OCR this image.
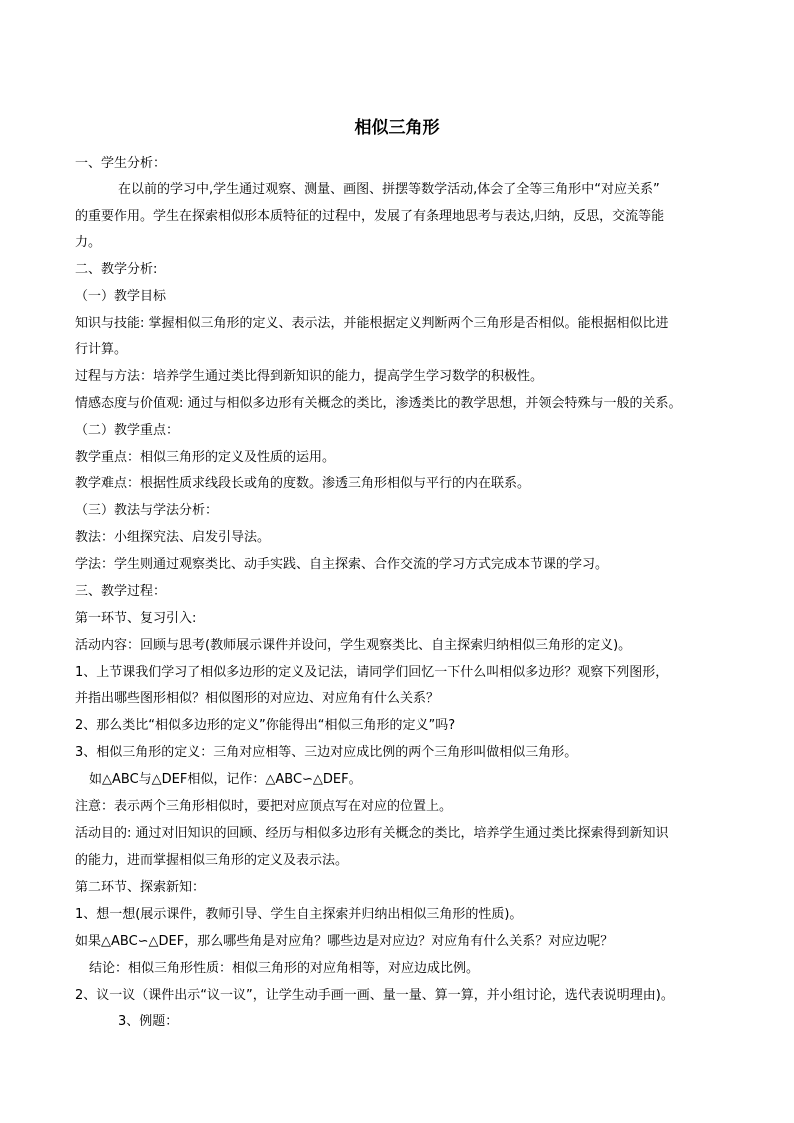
相似三角形
一、学生分析：
在以前的学习中,学生通过观察、测量、画图、拼摆等数学活动,体会了全等三角形中“对应关系”
的重要作用。学生在探索相似形本质特征的过程中，发展了有条理地思考与表达,归纳，反思，交流等能
力。
二、教学分析:
（一）教学目标
知识与技能: 掌握相似三角形的定义、表示法，并能根据定义判断两个三角形是否相似。能根据相似比进
行计算。
过程与方法：培养学生通过类比得到新知识的能力，提高学生学习数学的积极性。
情感态度与价值观: 通过与相似多边形有关概念的类比，渗透类比的教学思想，并领会特殊与一般的关系。
（二）教学重点：
教学重点：相似三角形的定义及性质的运用。
教学难点：根据性质求线段长或角的度数。渗透三角形相似与平行的内在联系。
（三）教法与学法分析：
教法：小组探究法、启发引导法。
学法：学生则通过观察类比、动手实践、自主探索、合作交流的学习方式完成本节课的学习。
三、教学过程：
第一环节、复习引入:
活动内容：回顾与思考(教师展示课件并设问，学生观察类比、自主探索归纳相似三角形的定义)。
1、上节课我们学习了相似多边形的定义及记法，请同学们回忆一下什么叫相似多边形？观察下列图形，
并指出哪些图形相似？相似图形的对应边、对应角有什么关系？
2、那么类比“相似多边形的定义”你能得出“相似三角形的定义”吗?
3、相似三角形的定义：三角对应相等、三边对应成比例的两个三角形叫做相似三角形。
如△ABC与△DEF相似，记作：△ABC∽△DEF。
注意：表示两个三角形相似时，要把对应顶点写在对应的位置上。
活动目的: 通过对旧知识的回顾、经历与相似多边形有关概念的类比，培养学生通过类比探索得到新知识
的能力，进而掌握相似三角形的定义及表示法。
第二环节、探索新知：
1、想一想(展示课件，教师引导、学生自主探索并归纳出相似三角形的性质)。
如果△ABC∽△DEF，那么哪些角是对应角？哪些边是对应边？对应角有什么关系？对应边呢？
结论：相似三角形性质：相似三角形的对应角相等，对应边成比例。
2、议一议（课件出示“议一议”，让学生动手画一画、量一量、算一算，并小组讨论，选代表说明理由)。
3、例题：
